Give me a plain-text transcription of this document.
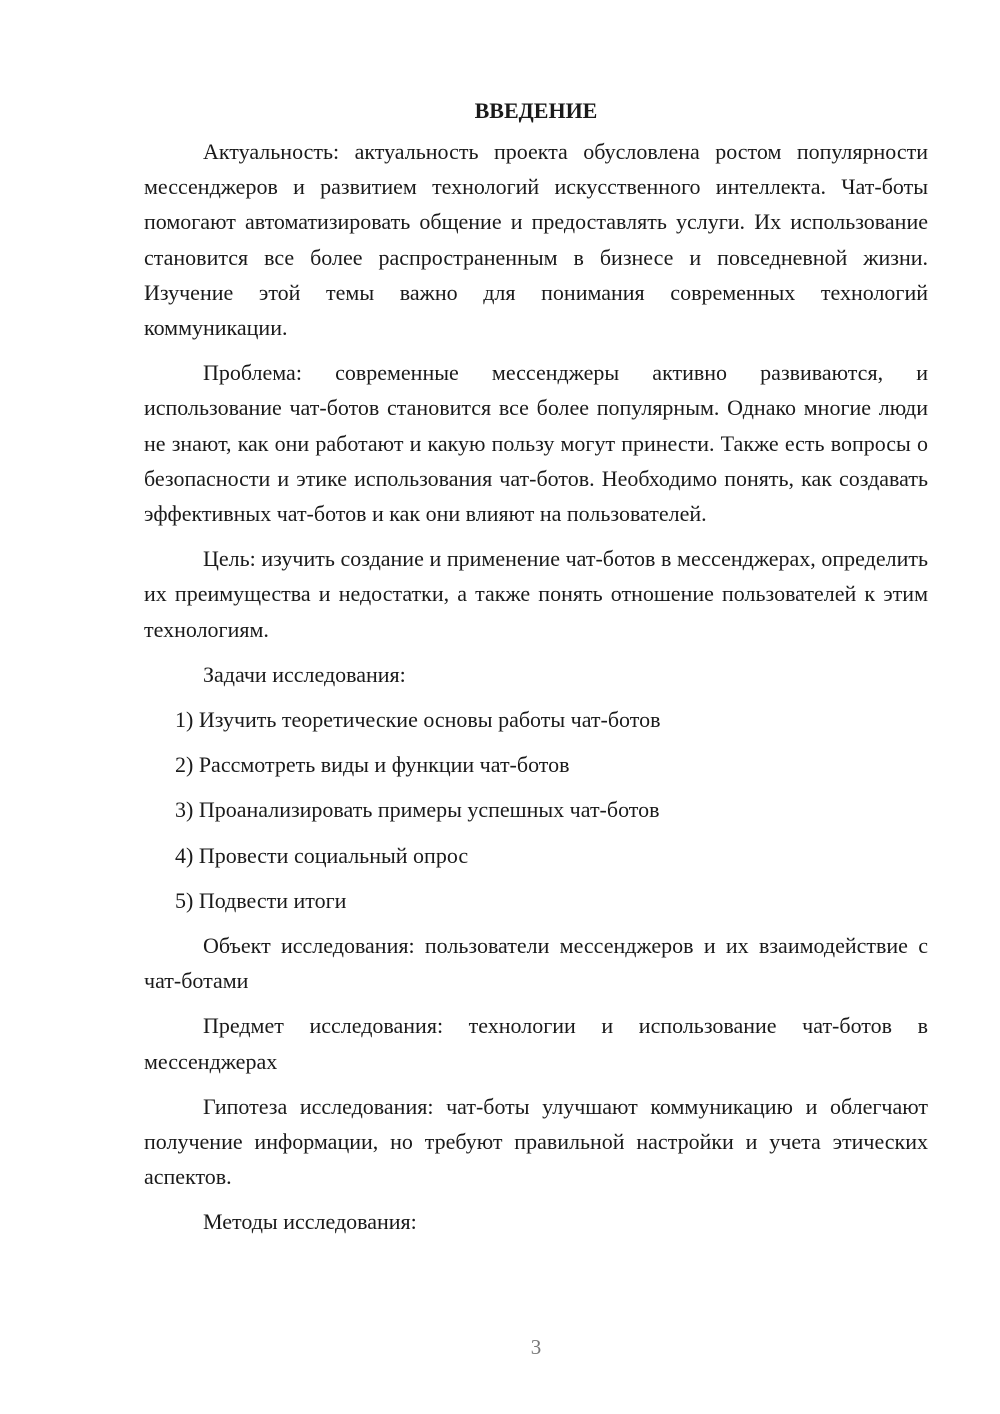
ВВЕДЕНИЕ

Актуальность: актуальность проекта обусловлена ростом популярности мессенджеров и развитием технологий искусственного интеллекта. Чат-боты помогают автоматизировать общение и предоставлять услуги. Их использование становится все более распространенным в бизнесе и повседневной жизни. Изучение этой темы важно для понимания современных технологий коммуникации.

Проблема: современные мессенджеры активно развиваются, и использование чат-ботов становится все более популярным. Однако многие люди не знают, как они работают и какую пользу могут принести. Также есть вопросы о безопасности и этике использования чат-ботов. Необходимо понять, как создавать эффективных чат-ботов и как они влияют на пользователей.

Цель: изучить создание и применение чат-ботов в мессенджерах, определить их преимущества и недостатки, а также понять отношение пользователей к этим технологиям.

Задачи исследования:

1) Изучить теоретические основы работы чат-ботов
2) Рассмотреть виды и функции чат-ботов
3) Проанализировать примеры успешных чат-ботов
4) Провести социальный опрос
5) Подвести итоги

Объект исследования: пользователи мессенджеров и их взаимодействие с чат-ботами

Предмет исследования: технологии и использование чат-ботов в мессенджерах

Гипотеза исследования: чат-боты улучшают коммуникацию и облегчают получение информации, но требуют правильной настройки и учета этических аспектов.

Методы исследования:

3
